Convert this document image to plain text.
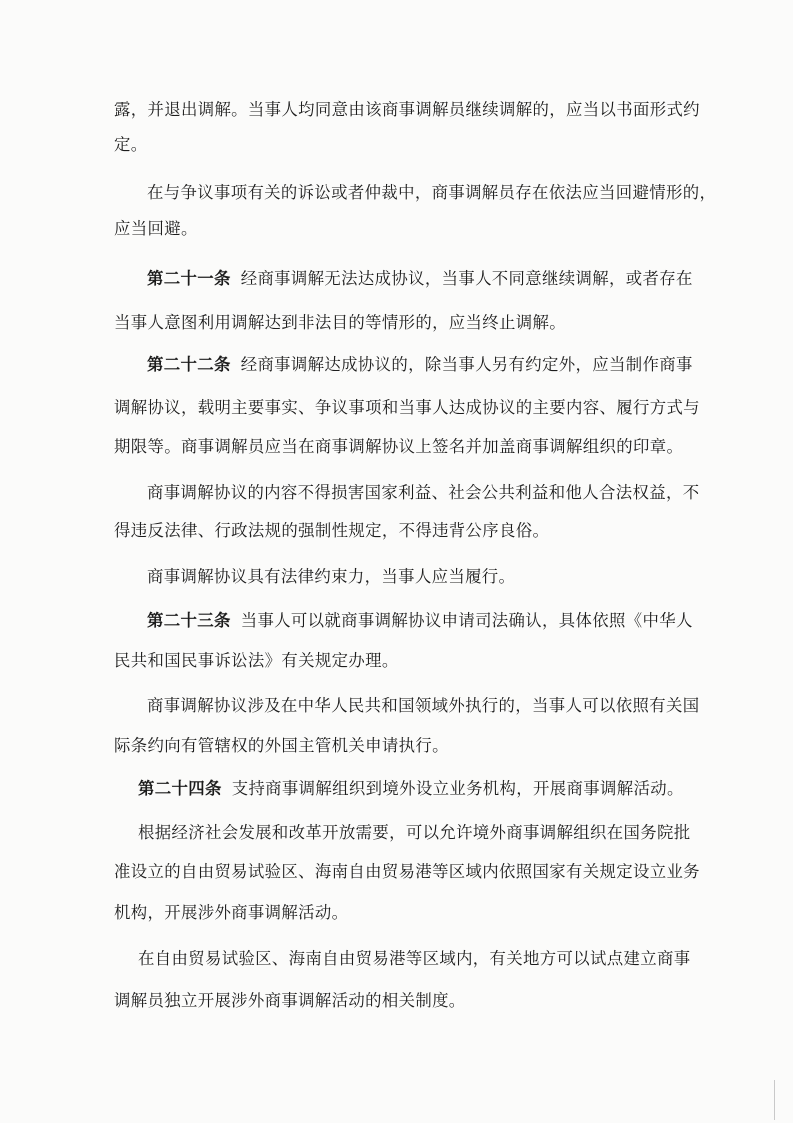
露，并退出调解。当事人均同意由该商事调解员继续调解的，应当以书面形式约
定。
在与争议事项有关的诉讼或者仲裁中，商事调解员存在依法应当回避情形的，
应当回避。
第二十一条 经商事调解无法达成协议，当事人不同意继续调解，或者存在
当事人意图利用调解达到非法目的等情形的，应当终止调解。
第二十二条 经商事调解达成协议的，除当事人另有约定外，应当制作商事
调解协议，载明主要事实、争议事项和当事人达成协议的主要内容、履行方式与
期限等。商事调解员应当在商事调解协议上签名并加盖商事调解组织的印章。
商事调解协议的内容不得损害国家利益、社会公共利益和他人合法权益，不
得违反法律、行政法规的强制性规定，不得违背公序良俗。
商事调解协议具有法律约束力，当事人应当履行。
第二十三条 当事人可以就商事调解协议申请司法确认，具体依照《中华人
民共和国民事诉讼法》有关规定办理。
商事调解协议涉及在中华人民共和国领域外执行的，当事人可以依照有关国
际条约向有管辖权的外国主管机关申请执行。
第二十四条 支持商事调解组织到境外设立业务机构，开展商事调解活动。
根据经济社会发展和改革开放需要，可以允许境外商事调解组织在国务院批
准设立的自由贸易试验区、海南自由贸易港等区域内依照国家有关规定设立业务
机构，开展涉外商事调解活动。
在自由贸易试验区、海南自由贸易港等区域内，有关地方可以试点建立商事
调解员独立开展涉外商事调解活动的相关制度。
